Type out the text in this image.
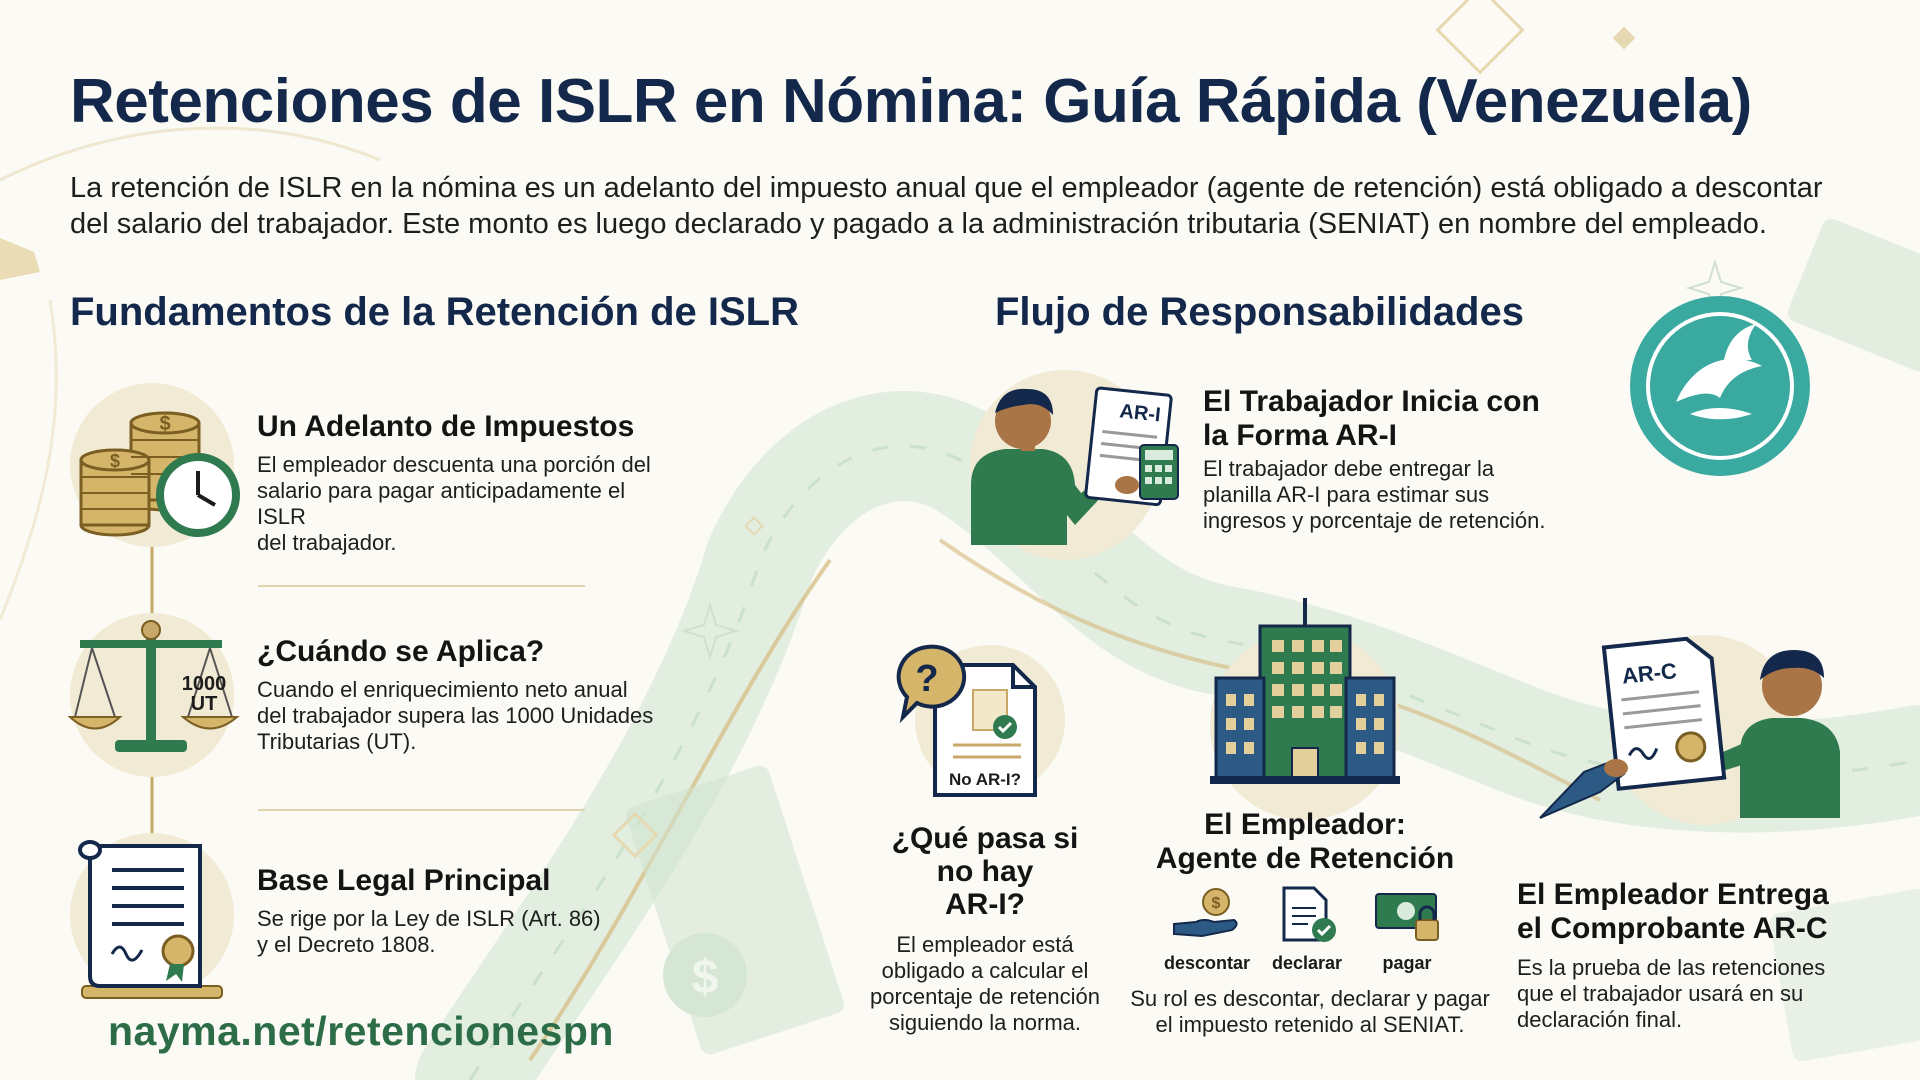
$
Retenciones de ISLR en Nómina: Guía Rápida (Venezuela)
La retención de ISLR en la nómina es un adelanto del impuesto anual que el empleador (agente de retención) está obligado a descontar
del salario del trabajador. Este monto es luego declarado y pagado a la administración tributaria (SENIAT) en nombre del empleado.
Fundamentos de la Retención de ISLR
$
$
Un Adelanto de Impuestos
El empleador descuenta una porción del
salario para pagar anticipadamente el ISLR
del trabajador.
1000
UT
¿Cuándo se Aplica?
Cuando el enriquecimiento neto anual
del trabajador supera las 1000 Unidades
Tributarias (UT).
Base Legal Principal
Se rige por la Ley de ISLR (Art. 86)
y el Decreto 1808.
Flujo de Responsabilidades
AR-I El Trabajador Inicia con
la Forma AR-I
El trabajador debe entregar la
planilla AR-I para estimar sus
ingresos y porcentaje de retención.
No AR-I?
?
¿Qué pasa si
no hay
AR-I?
El empleador está
obligado a calcular el
porcentaje de retención
siguiendo la norma.
El Empleador:
Agente de Retención
$
descontar	declarar	pagar
Su rol es descontar, declarar y pagar
el impuesto retenido al SENIAT.
AR-C
El Empleador Entrega
el Comprobante AR-C
Es la prueba de las retenciones
que el trabajador usará en su
declaración final.
nayma.net/retencionespn
